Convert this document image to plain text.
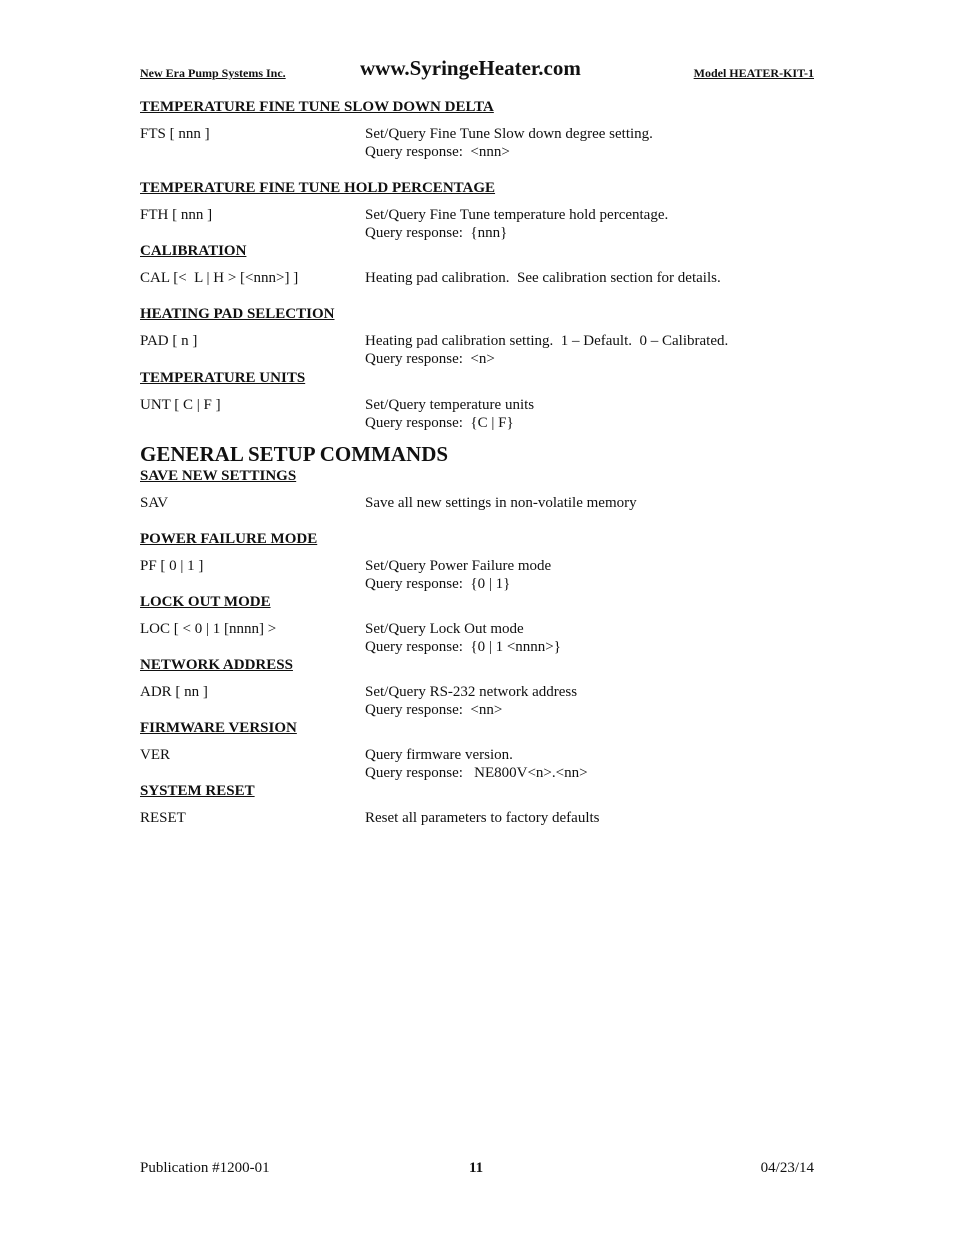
New Era Pump Systems Inc.	www.SyringeHeater.com	Model HEATER-KIT-1
TEMPERATURE FINE TUNE SLOW DOWN DELTA
FTS [ nnn ]	Set/Query Fine Tune Slow down degree setting.
Query response:  <nnn>
TEMPERATURE FINE TUNE HOLD PERCENTAGE
FTH [ nnn ]	Set/Query Fine Tune temperature hold percentage.
Query response:  {nnn}
CALIBRATION
CAL [<  L | H > [<nnn>] ]	Heating pad calibration.  See calibration section for details.
HEATING PAD SELECTION
PAD [ n ]	Heating pad calibration setting.  1 – Default.  0 – Calibrated.
Query response:  <n>
TEMPERATURE UNITS
UNT [ C | F ]	Set/Query temperature units
Query response:  {C | F}
GENERAL SETUP COMMANDS
SAVE NEW SETTINGS
SAV	Save all new settings in non-volatile memory
POWER FAILURE MODE
PF [ 0 | 1 ]	Set/Query Power Failure mode
Query response:  {0 | 1}
LOCK OUT MODE
LOC [ < 0 | 1 [nnnn] >	Set/Query Lock Out mode
Query response:  {0 | 1 <nnnn>}
NETWORK ADDRESS
ADR [ nn ]	Set/Query RS-232 network address
Query response:  <nn>
FIRMWARE VERSION
VER	Query firmware version.
Query response:   NE800V<n>.<nn>
SYSTEM RESET
RESET	Reset all parameters to factory defaults
Publication #1200-01	11	04/23/14
